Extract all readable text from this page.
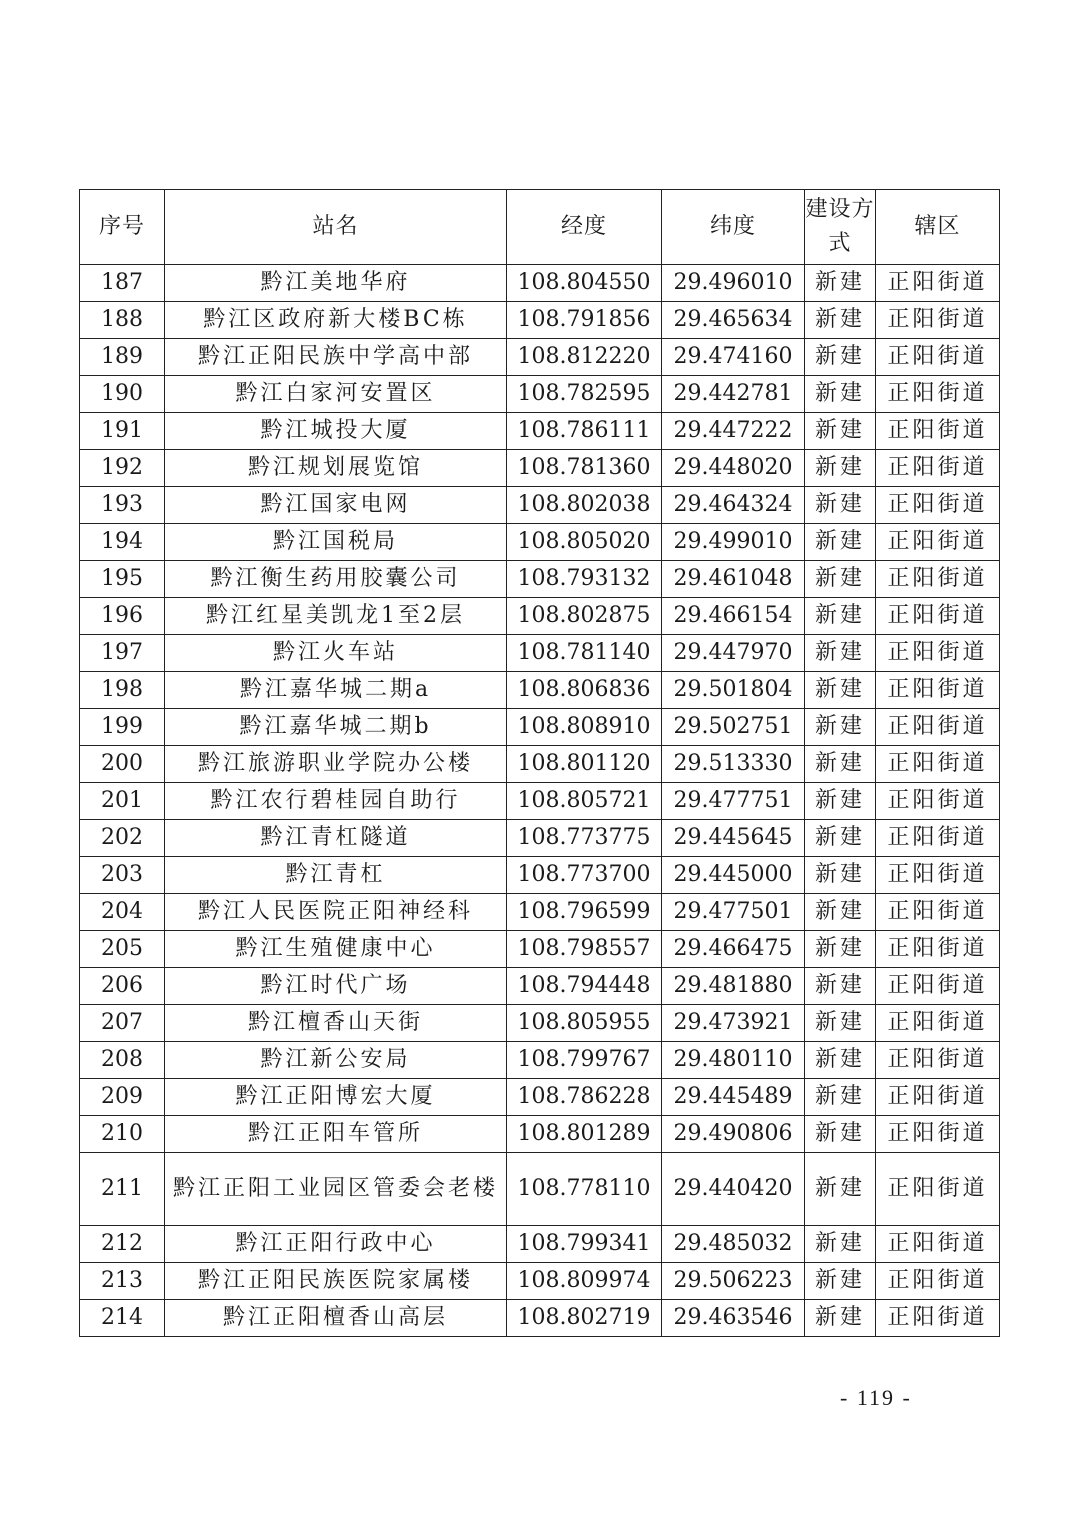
序号	站名	经度	纬度	建设方式	辖区
187	黔江美地华府	108.804550	29.496010	新建	正阳街道
188	黔江区政府新大楼BC栋	108.791856	29.465634	新建	正阳街道
189	黔江正阳民族中学高中部	108.812220	29.474160	新建	正阳街道
190	黔江白家河安置区	108.782595	29.442781	新建	正阳街道
191	黔江城投大厦	108.786111	29.447222	新建	正阳街道
192	黔江规划展览馆	108.781360	29.448020	新建	正阳街道
193	黔江国家电网	108.802038	29.464324	新建	正阳街道
194	黔江国税局	108.805020	29.499010	新建	正阳街道
195	黔江衡生药用胶囊公司	108.793132	29.461048	新建	正阳街道
196	黔江红星美凯龙1至2层	108.802875	29.466154	新建	正阳街道
197	黔江火车站	108.781140	29.447970	新建	正阳街道
198	黔江嘉华城二期a	108.806836	29.501804	新建	正阳街道
199	黔江嘉华城二期b	108.808910	29.502751	新建	正阳街道
200	黔江旅游职业学院办公楼	108.801120	29.513330	新建	正阳街道
201	黔江农行碧桂园自助行	108.805721	29.477751	新建	正阳街道
202	黔江青杠隧道	108.773775	29.445645	新建	正阳街道
203	黔江青杠	108.773700	29.445000	新建	正阳街道
204	黔江人民医院正阳神经科	108.796599	29.477501	新建	正阳街道
205	黔江生殖健康中心	108.798557	29.466475	新建	正阳街道
206	黔江时代广场	108.794448	29.481880	新建	正阳街道
207	黔江檀香山天街	108.805955	29.473921	新建	正阳街道
208	黔江新公安局	108.799767	29.480110	新建	正阳街道
209	黔江正阳博宏大厦	108.786228	29.445489	新建	正阳街道
210	黔江正阳车管所	108.801289	29.490806	新建	正阳街道
211	黔江正阳工业园区管委会老楼	108.778110	29.440420	新建	正阳街道
212	黔江正阳行政中心	108.799341	29.485032	新建	正阳街道
213	黔江正阳民族医院家属楼	108.809974	29.506223	新建	正阳街道
214	黔江正阳檀香山高层	108.802719	29.463546	新建	正阳街道
- 119 -
